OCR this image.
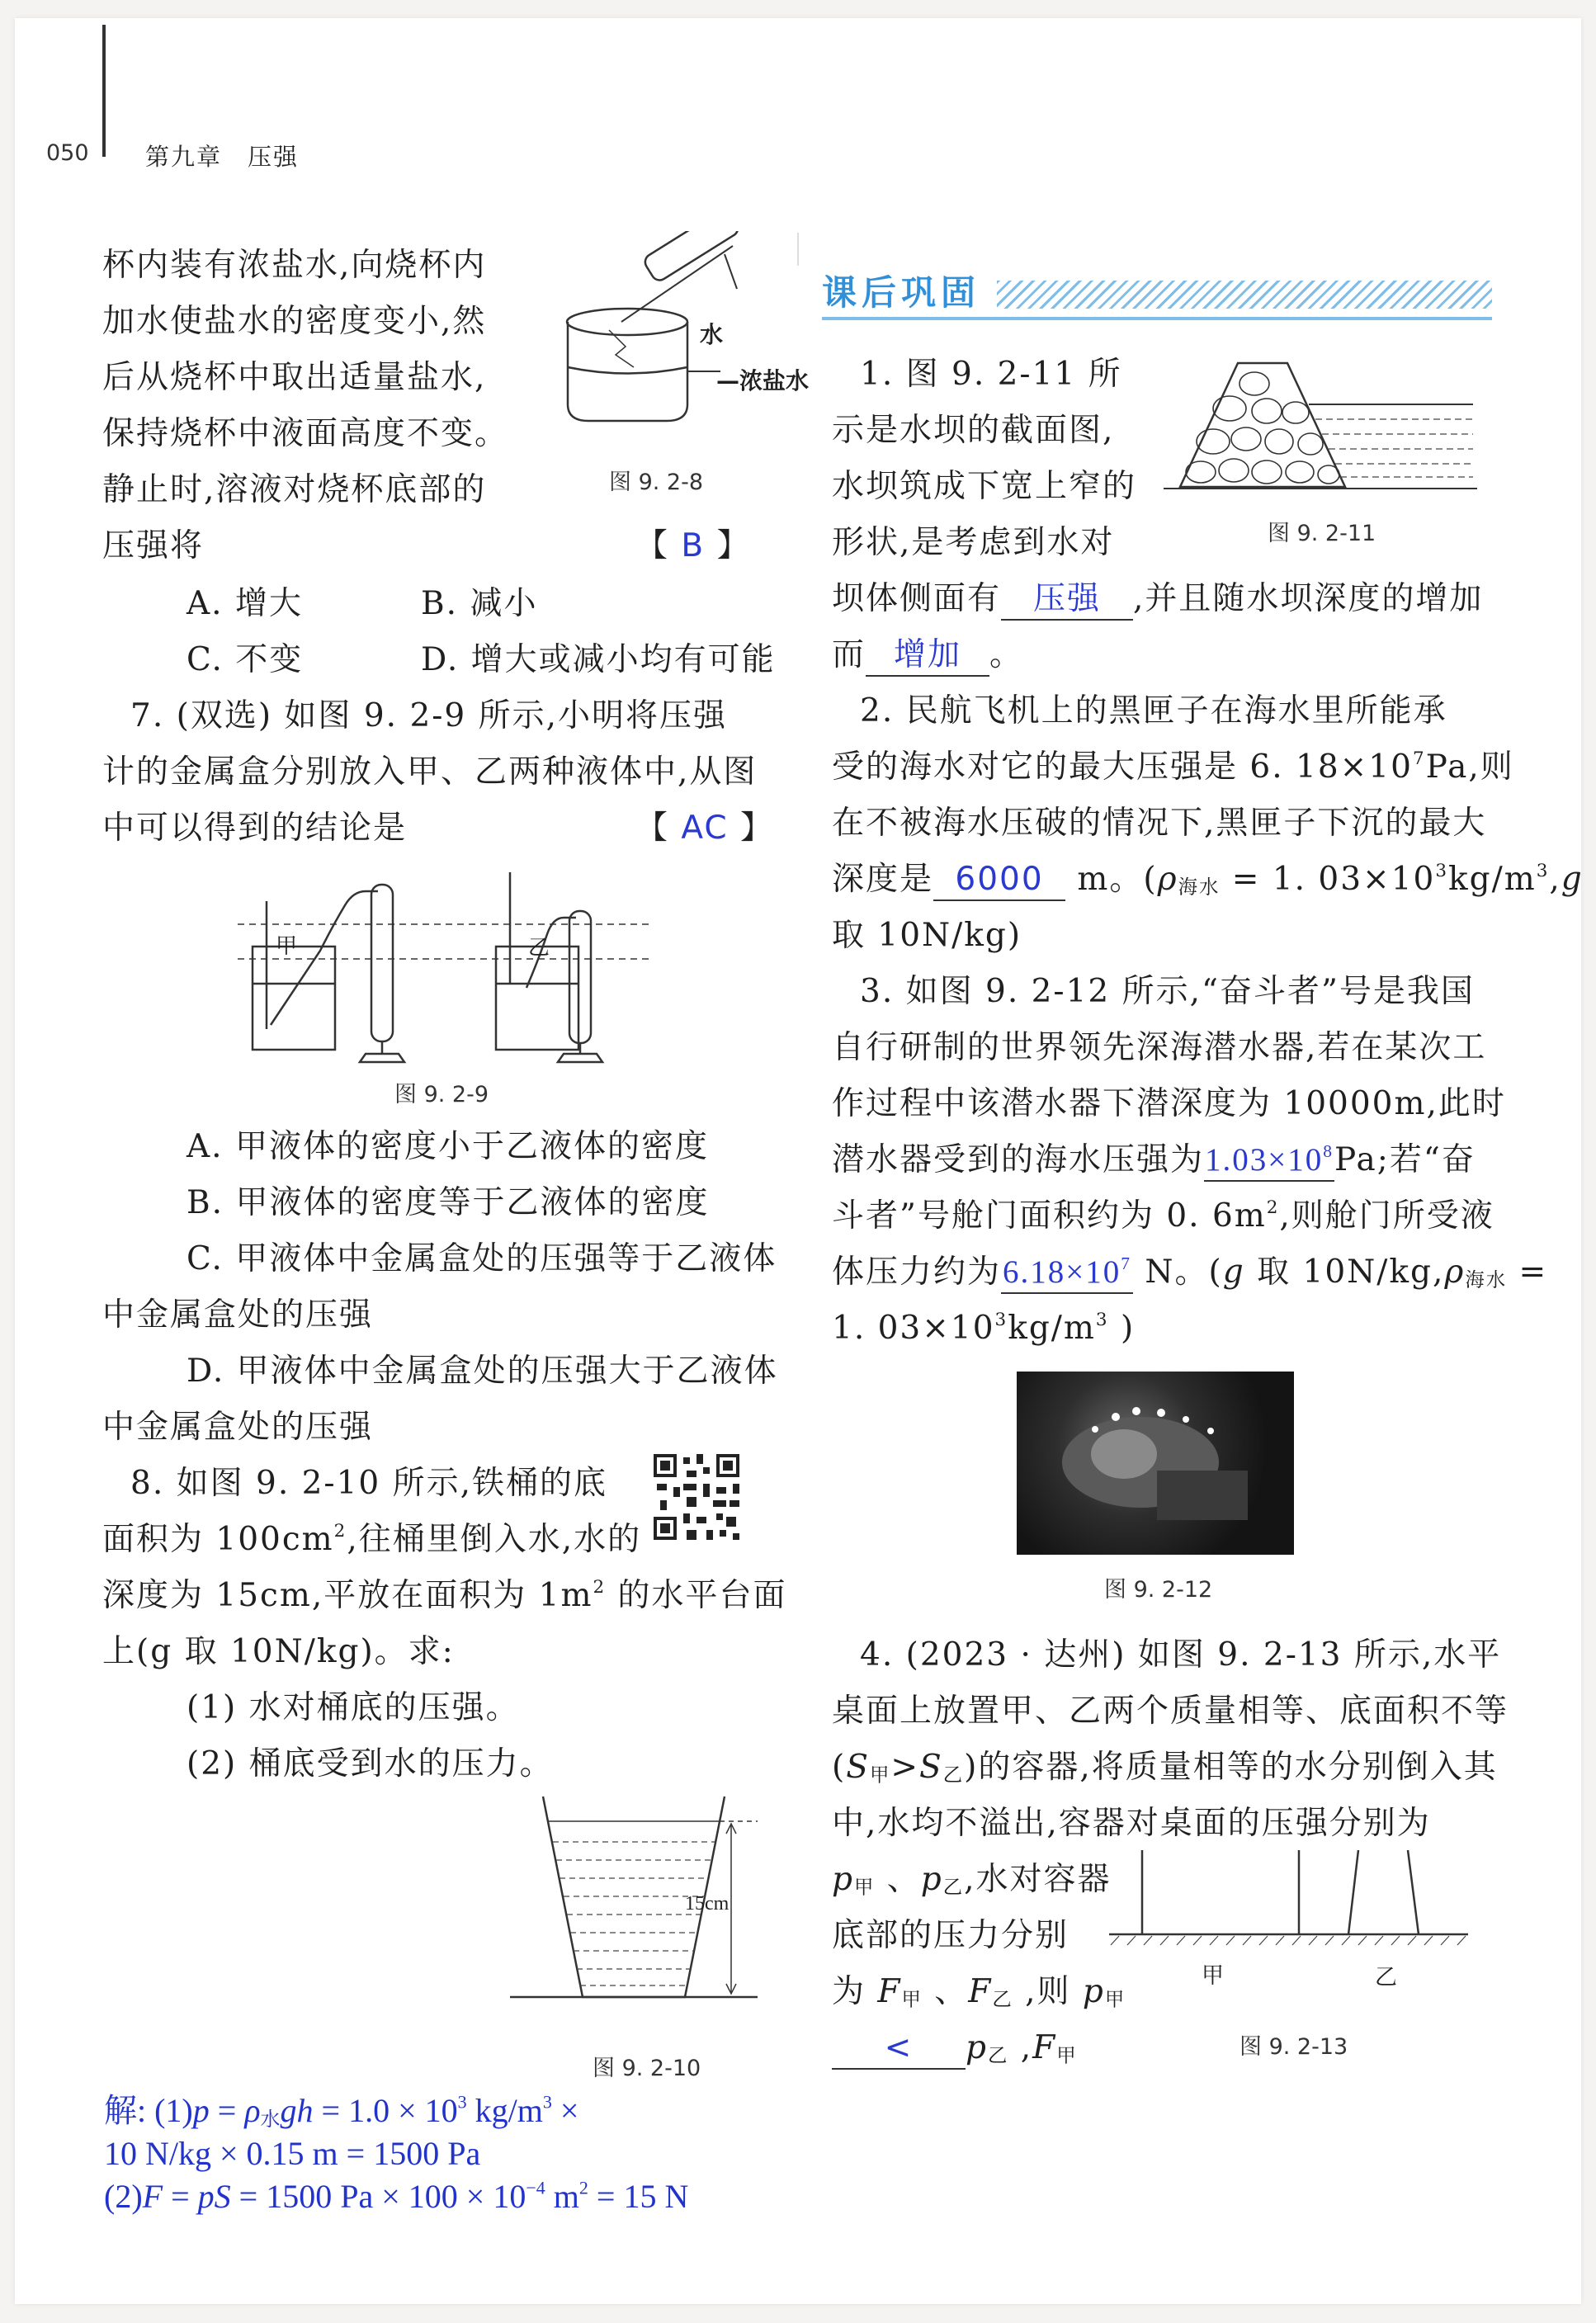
050 第九章　压强
杯内装有浓盐水,向烧杯内
加水使盐水的密度变小,然
后从烧杯中取出适量盐水,
保持烧杯中液面高度不变。
静止时,溶液对烧杯底部的
压强将	【 B 】
水
—浓盐水
图 9. 2-8
A. 增大	B. 减小
C. 不变	D. 增大或减小均有可能
7. (双选) 如图 9. 2-9 所示,小明将压强
计的金属盒分别放入甲、乙两种液体中,从图
中可以得到的结论是	【 AC 】
甲	乙
图 9. 2-9
A. 甲液体的密度小于乙液体的密度
B. 甲液体的密度等于乙液体的密度
C. 甲液体中金属盒处的压强等于乙液体
中金属盒处的压强
D. 甲液体中金属盒处的压强大于乙液体
中金属盒处的压强
8. 如图 9. 2-10 所示,铁桶的底
面积为 $100cm^2$,往桶里倒入水,水的
深度为 15cm,平放在面积为 $1m^2$ 的水平台面
上(g 取 10N/kg)。求:
(1) 水对桶底的压强。
(2) 桶底受到水的压力。
15cm
图 9. 2-10
解: $(1)p = \rho_水gh = 1.0 \times 10^3$ $kg/m^3$ ×
10 N/kg × 0.15 m = 1500 Pa
(2)F = pS = 1500 $Pa \times 100 \times 10^{-4}$ $m^2 = 15$ N
课后巩固
1. 图 9. 2-11 所
示是水坝的截面图,
水坝筑成下宽上窄的
形状,是考虑到水对
坝体侧面有 压强 ,并且随水坝深度的增加
而 增加 。
图 9. 2-11
2. 民航飞机上的黑匣子在海水里所能承
受的海水对它的最大压强是 6. $18\times 10^7Pa$,则
在不被海水压破的情况下,黑匣子下沉的最大
深度是 6000 m。($\rho_{海水} = 1$. $03\times 10^3kg/m^3,g$
取 10N/kg)
3. 如图 9. 2-12 所示,“奋斗者”号是我国
自行研制的世界领先深海潜水器,若在某次工
作过程中该潜水器下潜深度为 10000m,此时
潜水器受到的海水压强为$1.03\times 10^8Pa$;若“奋
斗者”号舱门面积约为 0. $6m^2$,则舱门所受液
体压力约为$6.18\times 10^7$ N。(g 取 $10N/kg,\rho_{海水}$ =
1. $03\times 10^3kg/m^3$ )
图 9. 2-12
4. (2023 · 达州) 如图 9. 2-13 所示,水平
桌面上放置甲、乙两个质量相等、底面积不等
$(S_甲>S_乙)$的容器,将质量相等的水分别倒入其
中,水均不溢出,容器对桌面的压强分别为
$p_甲$ 、$p_乙$,水对容器
底部的压力分别
为 $F_甲$ 、$F_乙$ ,则 $p_甲$
< $p_乙$ $,F_甲$
甲	乙
图 9. 2-13
